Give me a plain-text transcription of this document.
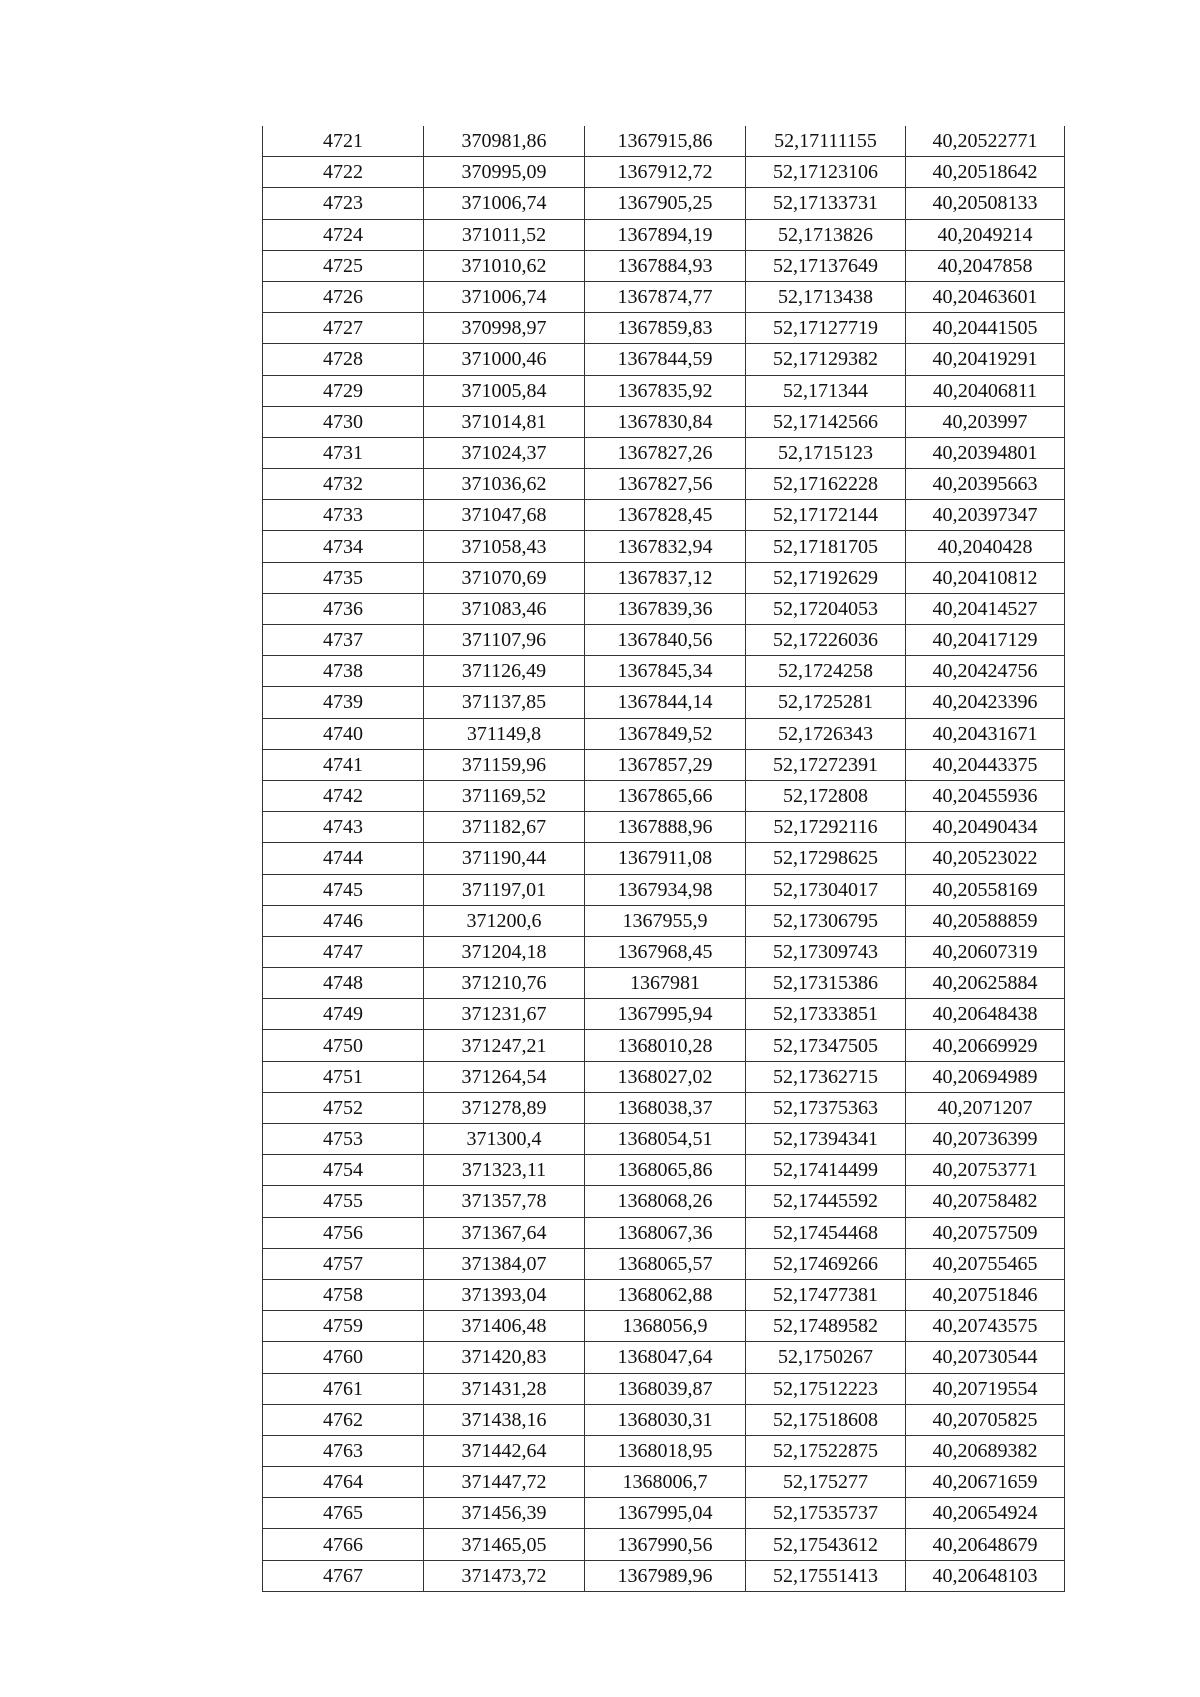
4721	370981,86	1367915,86	52,17111155	40,20522771
4722	370995,09	1367912,72	52,17123106	40,20518642
4723	371006,74	1367905,25	52,17133731	40,20508133
4724	371011,52	1367894,19	52,1713826	40,2049214
4725	371010,62	1367884,93	52,17137649	40,2047858
4726	371006,74	1367874,77	52,1713438	40,20463601
4727	370998,97	1367859,83	52,17127719	40,20441505
4728	371000,46	1367844,59	52,17129382	40,20419291
4729	371005,84	1367835,92	52,171344	40,20406811
4730	371014,81	1367830,84	52,17142566	40,203997
4731	371024,37	1367827,26	52,1715123	40,20394801
4732	371036,62	1367827,56	52,17162228	40,20395663
4733	371047,68	1367828,45	52,17172144	40,20397347
4734	371058,43	1367832,94	52,17181705	40,2040428
4735	371070,69	1367837,12	52,17192629	40,20410812
4736	371083,46	1367839,36	52,17204053	40,20414527
4737	371107,96	1367840,56	52,17226036	40,20417129
4738	371126,49	1367845,34	52,1724258	40,20424756
4739	371137,85	1367844,14	52,1725281	40,20423396
4740	371149,8	1367849,52	52,1726343	40,20431671
4741	371159,96	1367857,29	52,17272391	40,20443375
4742	371169,52	1367865,66	52,172808	40,20455936
4743	371182,67	1367888,96	52,17292116	40,20490434
4744	371190,44	1367911,08	52,17298625	40,20523022
4745	371197,01	1367934,98	52,17304017	40,20558169
4746	371200,6	1367955,9	52,17306795	40,20588859
4747	371204,18	1367968,45	52,17309743	40,20607319
4748	371210,76	1367981	52,17315386	40,20625884
4749	371231,67	1367995,94	52,17333851	40,20648438
4750	371247,21	1368010,28	52,17347505	40,20669929
4751	371264,54	1368027,02	52,17362715	40,20694989
4752	371278,89	1368038,37	52,17375363	40,2071207
4753	371300,4	1368054,51	52,17394341	40,20736399
4754	371323,11	1368065,86	52,17414499	40,20753771
4755	371357,78	1368068,26	52,17445592	40,20758482
4756	371367,64	1368067,36	52,17454468	40,20757509
4757	371384,07	1368065,57	52,17469266	40,20755465
4758	371393,04	1368062,88	52,17477381	40,20751846
4759	371406,48	1368056,9	52,17489582	40,20743575
4760	371420,83	1368047,64	52,1750267	40,20730544
4761	371431,28	1368039,87	52,17512223	40,20719554
4762	371438,16	1368030,31	52,17518608	40,20705825
4763	371442,64	1368018,95	52,17522875	40,20689382
4764	371447,72	1368006,7	52,175277	40,20671659
4765	371456,39	1367995,04	52,17535737	40,20654924
4766	371465,05	1367990,56	52,17543612	40,20648679
4767	371473,72	1367989,96	52,17551413	40,20648103
